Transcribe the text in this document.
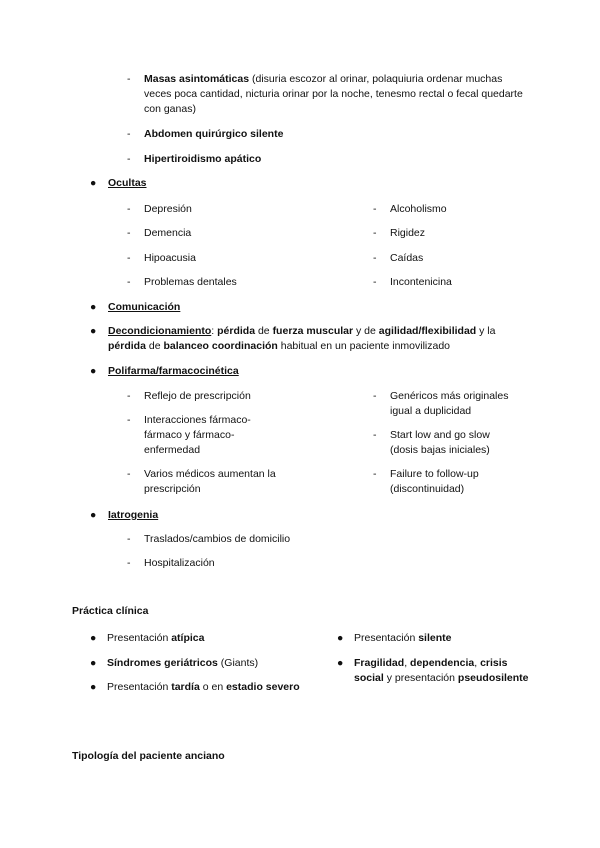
- Masas asintomáticas (disuria escozor al orinar, polaquiuria ordenar muchas veces poca cantidad, nicturia orinar por la noche, tenesmo rectal o fecal quedarte con ganas)
- Abdomen quirúrgico silente
- Hipertiroidismo apático
● Ocultas
- Depresión
- Demencia
- Hipoacusia
- Problemas dentales
- Alcoholismo
- Rigidez
- Caídas
- Incontenicina
● Comunicación
● Decondicionamiento: pérdida de fuerza muscular y de agilidad/flexibilidad y la pérdida de balanceo coordinación habitual en un paciente inmovilizado
● Polifarma/farmacocinética
- Reflejo de prescripción
- Interacciones fármaco-fármaco y fármaco-enfermedad
- Varios médicos aumentan la prescripción
- Genéricos más originales igual a duplicidad
- Start low and go slow (dosis bajas iniciales)
- Failure to follow-up (discontinuidad)
● Iatrogenia
- Traslados/cambios de domicilio
- Hospitalización
Práctica clínica
● Presentación atípica
● Síndromes geriátricos (Giants)
● Presentación tardía o en estadio severo
● Presentación silente
● Fragilidad, dependencia, crisis social y presentación pseudosilente
Tipología del paciente anciano
